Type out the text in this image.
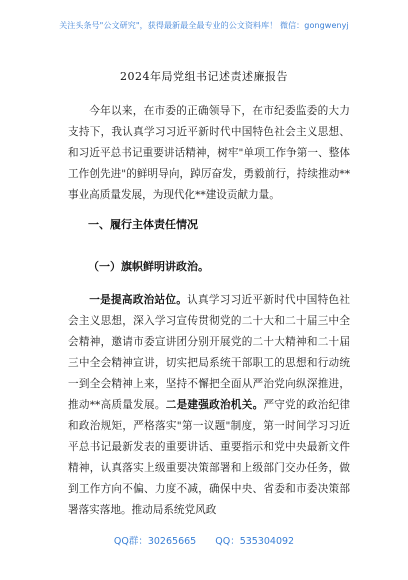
关注头条号"公文研究"，获得最新最全最专业的公文资料库！ 微信：gongwenyj
2024年局党组书记述责述廉报告

今年以来，在市委的正确领导下，在市纪委监委的大力支持下，我认真学习习近平新时代中国特色社会主义思想、和习近平总书记重要讲话精神，树牢"单项工作争第一、整体工作创先进"的鲜明导向，踔厉奋发，勇毅前行，持续推动**事业高质量发展，为现代化**建设贡献力量。

一、履行主体责任情况
（一）旗帜鲜明讲政治。

一是提高政治站位。认真学习习近平新时代中国特色社会主义思想，深入学习宣传贯彻党的二十大和二十届三中全会精神，邀请市委宣讲团分别开展党的二十大精神和二十届三中全会精神宣讲，切实把局系统干部职工的思想和行动统一到全会精神上来，坚持不懈把全面从严治党向纵深推进，推动**高质量发展。二是建强政治机关。严守党的政治纪律和政治规矩，严格落实"第一议题"制度，第一时间学习习近平总书记最新发表的重要讲话、重要指示和党中央最新文件精神，认真落实上级重要决策部署和上级部门交办任务，做到工作方向不偏、力度不减，确保中央、省委和市委决策部署落实落地。推动局系统党风政

QQ群：30265665 QQ：535304092
